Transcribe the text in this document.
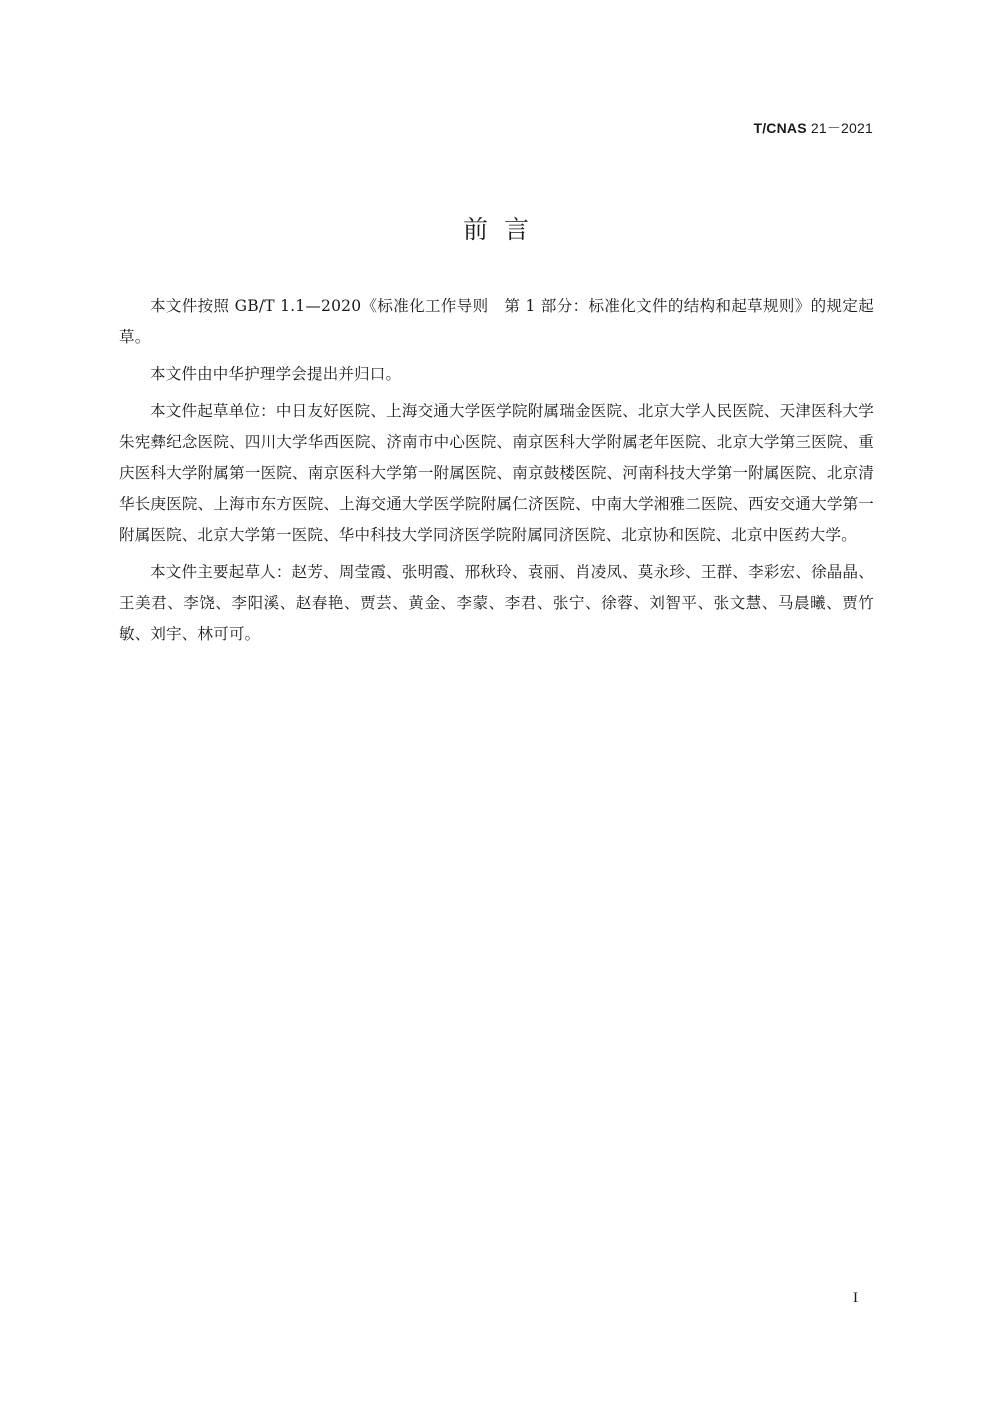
T/CNAS 21－2021
前言

本文件按照 GB/T 1.1—2020《标准化工作导则　第 1 部分：标准化文件的结构和起草规则》的规定起草。

本文件由中华护理学会提出并归口。

本文件起草单位：中日友好医院、上海交通大学医学院附属瑞金医院、北京大学人民医院、天津医科大学朱宪彝纪念医院、四川大学华西医院、济南市中心医院、南京医科大学附属老年医院、北京大学第三医院、重庆医科大学附属第一医院、南京医科大学第一附属医院、南京鼓楼医院、河南科技大学第一附属医院、北京清华长庚医院、上海市东方医院、上海交通大学医学院附属仁济医院、中南大学湘雅二医院、西安交通大学第一附属医院、北京大学第一医院、华中科技大学同济医学院附属同济医院、北京协和医院、北京中医药大学。

本文件主要起草人：赵芳、周莹霞、张明霞、邢秋玲、袁丽、肖凌凤、莫永珍、王群、李彩宏、徐晶晶、王美君、李饶、李阳溪、赵春艳、贾芸、黄金、李蒙、李君、张宁、徐蓉、刘智平、张文慧、马晨曦、贾竹敏、刘宇、林可可。

I
